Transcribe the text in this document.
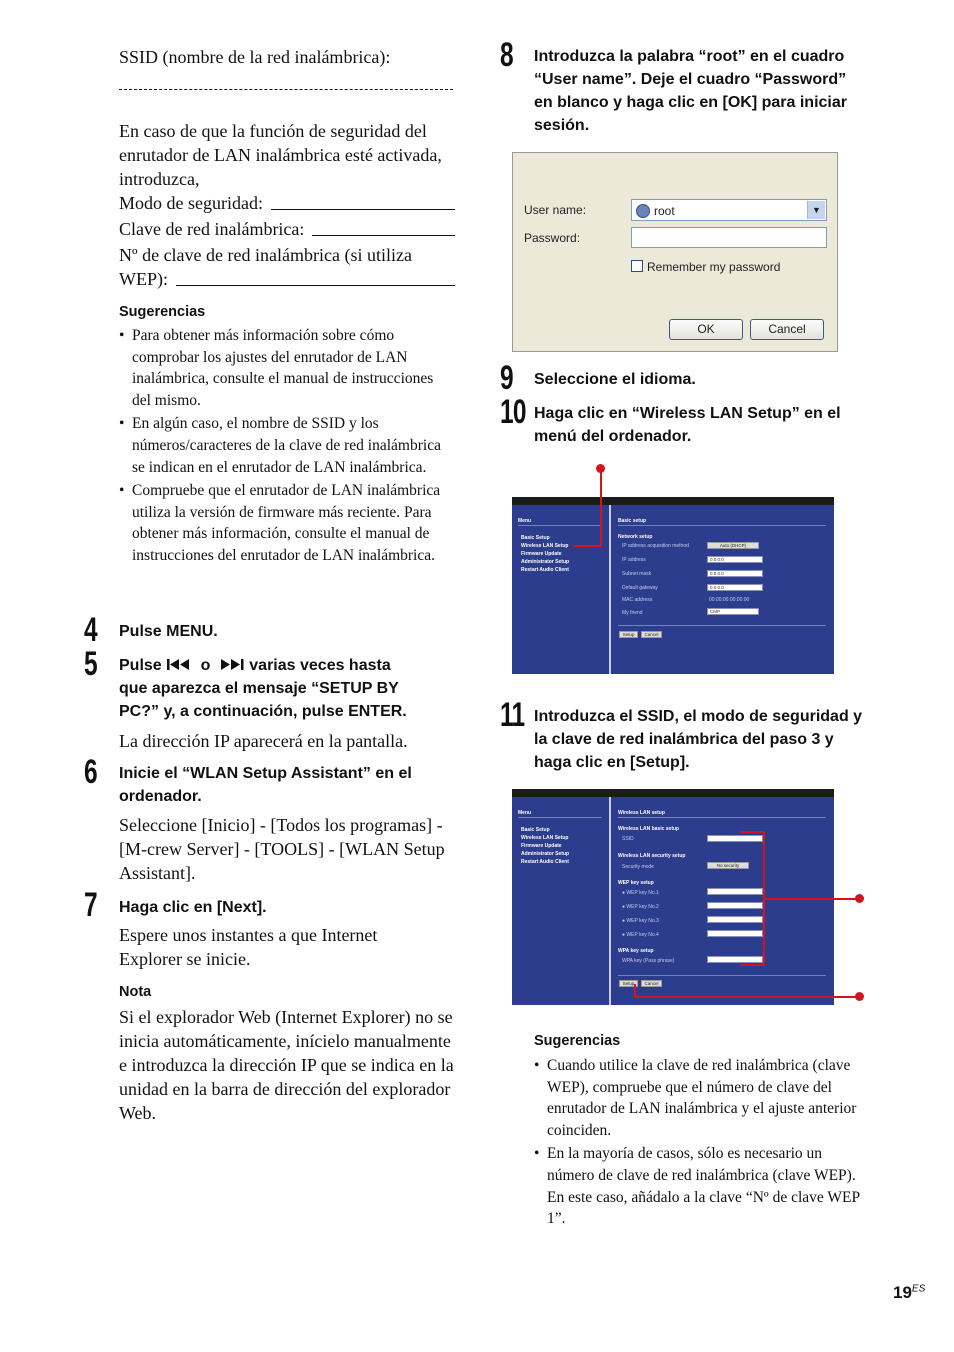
SSID (nombre de la red inalámbrica):
En caso de que la función de seguridad del enrutador de LAN inalámbrica esté activada, introduzca,
Modo de seguridad:
Clave de red inalámbrica:
Nº de clave de red inalámbrica (si utiliza
WEP):
Sugerencias
• Para obtener más información sobre cómo comprobar los ajustes del enrutador de LAN inalámbrica, consulte el manual de instrucciones del mismo.
• En algún caso, el nombre de SSID y los números/caracteres de la clave de red inalámbrica se indican en el enrutador de LAN inalámbrica.
• Compruebe que el enrutador de LAN inalámbrica utiliza la versión de firmware más reciente. Para obtener más información, consulte el manual de instrucciones del enrutador de LAN inalámbrica.
4 Pulse MENU.
5 Pulse o varias veces hasta
que aparezca el mensaje “SETUP BY
PC?” y, a continuación, pulse ENTER.
La dirección IP aparecerá en la pantalla.
6 Inicie el “WLAN Setup Assistant” en el ordenador.
Seleccione [Inicio] - [Todos los programas] - [M-crew Server] - [TOOLS] - [WLAN Setup Assistant].
7 Haga clic en [Next].
Espere unos instantes a que Internet Explorer se inicie.
Nota
Si el explorador Web (Internet Explorer) no se inicia automáticamente, inícielo manualmente e introduzca la dirección IP que se indica en la unidad en la barra de dirección del explorador Web.
8 Introduzca la palabra “root” en el cuadro “User name”. Deje el cuadro “Password” en blanco y haga clic en [OK] para iniciar sesión.
User name:	root	▼
Password:
Remember my password
OK	Cancel
9 Seleccione el idioma.
10 Haga clic en “Wireless LAN Setup” en el menú del ordenador.
Menu
Basic Setup
Wireless LAN Setup
Firmware Update
Administrator Setup
Restart Audio Client
Basic setup
Network setup
IP address acquisition method	Auto (DHCP)
IP address	0.0.0.0
Subnet mask	0.0.0.0
Default gateway	0.0.0.0
MAC address	00:00:00:00:00:00
My friend	CMP
Setup	Cancel
11 Introduzca el SSID, el modo de seguridad y la clave de red inalámbrica del paso 3 y haga clic en [Setup].
Menu
Basic Setup
Wireless LAN Setup
Firmware Update
Administrator Setup
Restart Audio Client
Wireless LAN setup
Wireless LAN basic setup
SSID
Wireless LAN security setup
Security mode	No security
WEP key setup
● WEP key No.1
● WEP key No.2
● WEP key No.3
● WEP key No.4
WPA key setup
WPA key (Pass phrase)
Setup	Cancel
Sugerencias
• Cuando utilice la clave de red inalámbrica (clave WEP), compruebe que el número de clave del enrutador de LAN inalámbrica y el ajuste anterior coinciden.
• En la mayoría de casos, sólo es necesario un número de clave de red inalámbrica (clave WEP). En este caso, añádalo a la clave “Nº de clave WEP 1”.
$19^{ES}$
